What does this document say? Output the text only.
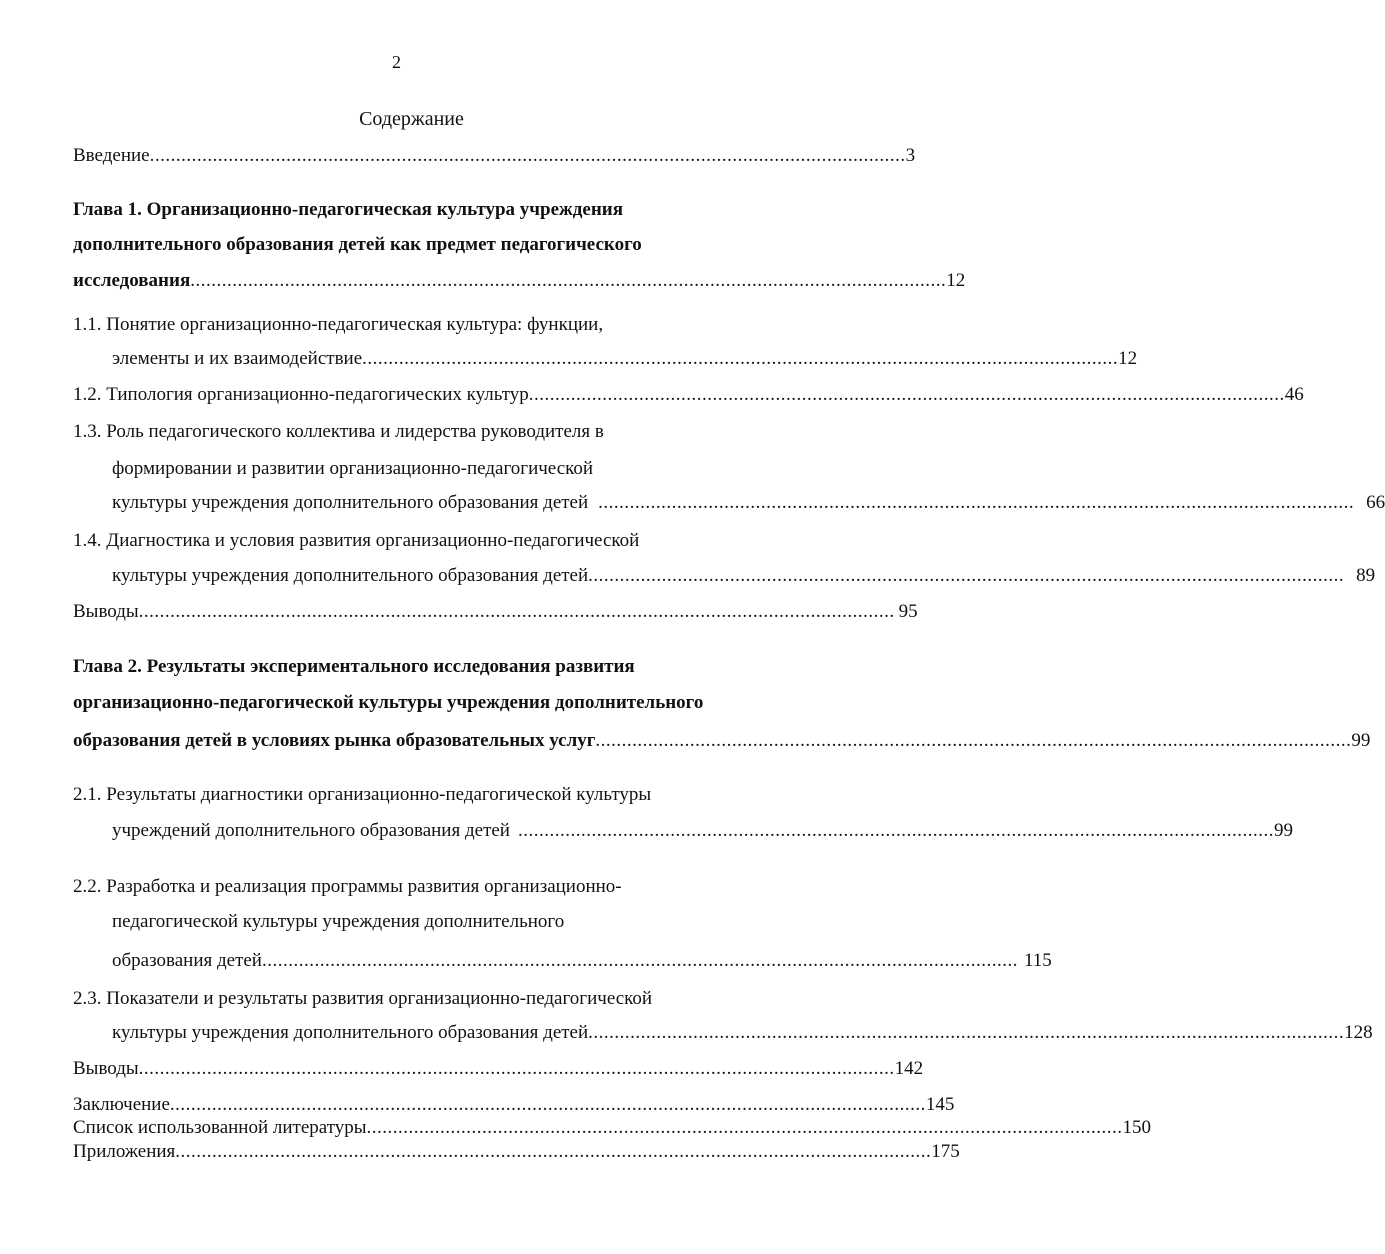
2
Содержание
Введение ................................................................................................................................................ 3
Глава 1. Организационно-педагогическая культура учреждения
дополнительного образования детей как предмет педагогического
исследования ................................................................................................................................................ 12
1.1. Понятие организационно-педагогическая культура: функции,
элементы и их взаимодействие ................................................................................................................................................ 12
1.2. Типология организационно-педагогических культур ................................................................................................................................................ 46
1.3. Роль педагогического коллектива и лидерства руководителя в
формировании и развитии организационно-педагогической
культуры учреждения дополнительного образования детей ................................................................................................................................................ 66
1.4. Диагностика и условия развития организационно-педагогической
культуры учреждения дополнительного образования детей ................................................................................................................................................ 89
Выводы ................................................................................................................................................ 95
Глава 2. Результаты экспериментального исследования развития
организационно-педагогической культуры учреждения дополнительного
образования детей в условиях рынка образовательных услуг ................................................................................................................................................ 99
2.1. Результаты диагностики организационно-педагогической культуры
учреждений дополнительного образования детей ................................................................................................................................................ 99
2.2. Разработка и реализация программы развития организационно-
педагогической культуры учреждения дополнительного
образования детей ................................................................................................................................................ 115
2.3. Показатели и результаты развития организационно-педагогической
культуры учреждения дополнительного образования детей ................................................................................................................................................ 128
Выводы ................................................................................................................................................ 142
Заключение ................................................................................................................................................ 145
Список использованной литературы ................................................................................................................................................ 150
Приложения ................................................................................................................................................ 175
